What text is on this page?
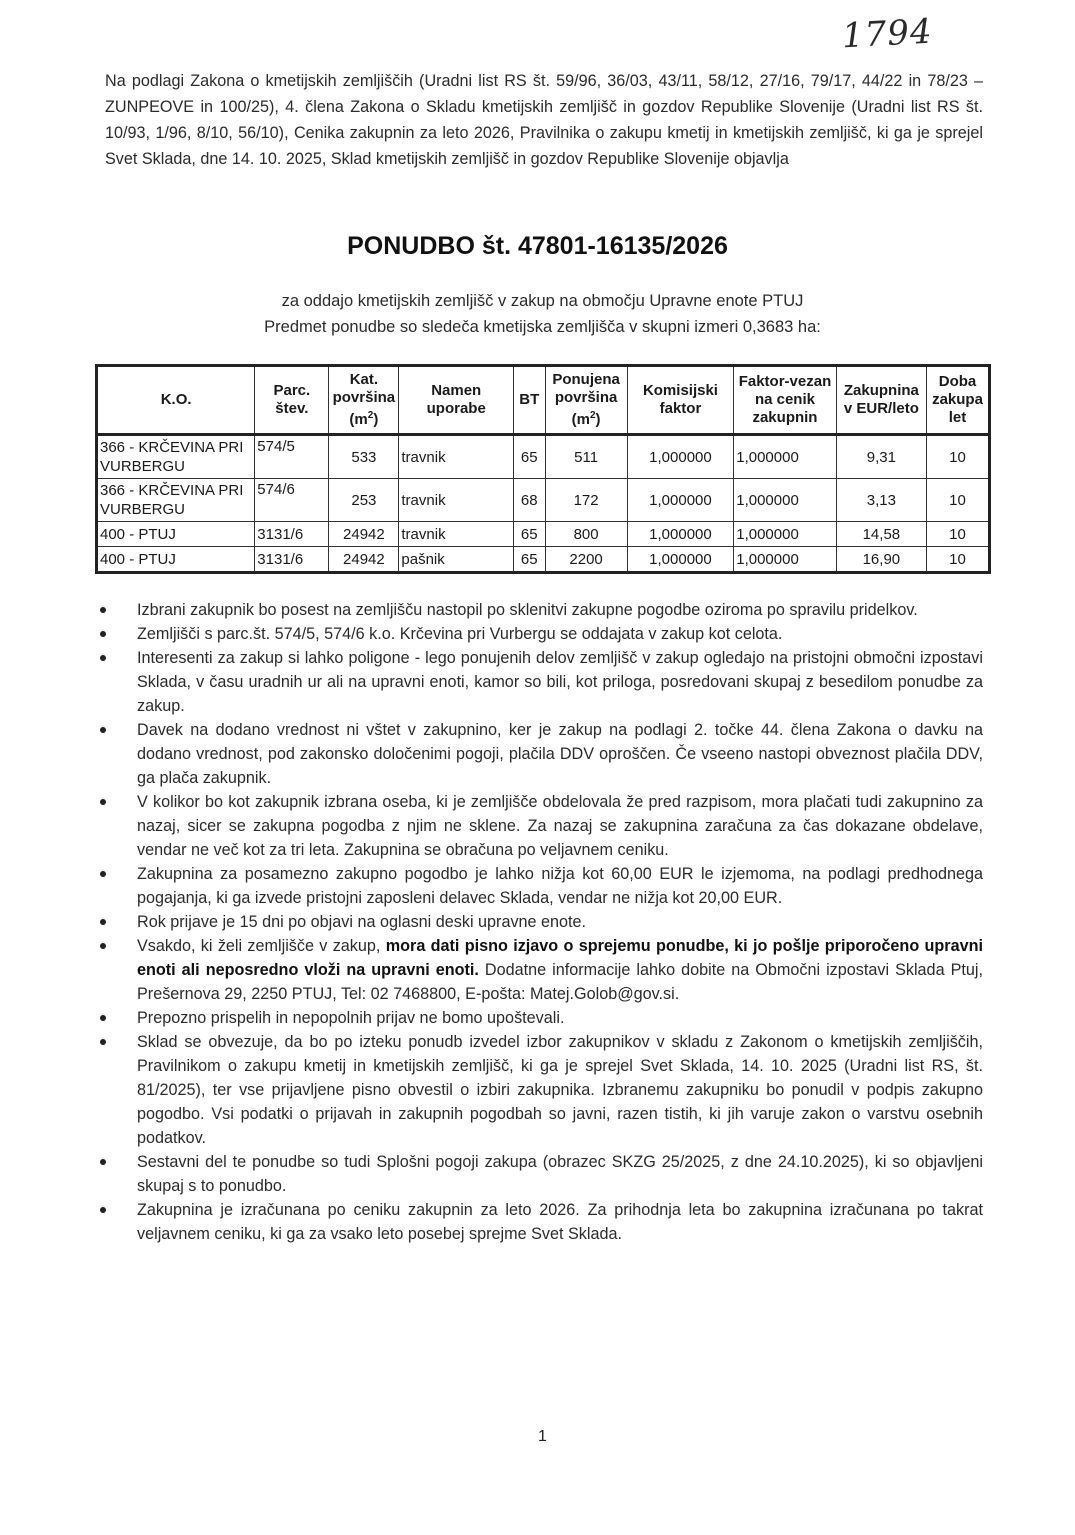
1794
Na podlagi Zakona o kmetijskih zemljiščih (Uradni list RS št. 59/96, 36/03, 43/11, 58/12, 27/16, 79/17, 44/22 in 78/23 – ZUNPEOVE in 100/25), 4. člena Zakona o Skladu kmetijskih zemljišč in gozdov Republike Slovenije (Uradni list RS št. 10/93, 1/96, 8/10, 56/10), Cenika zakupnin za leto 2026, Pravilnika o zakupu kmetij in kmetijskih zemljišč, ki ga je sprejel Svet Sklada, dne 14. 10. 2025, Sklad kmetijskih zemljišč in gozdov Republike Slovenije objavlja
PONUDBO št. 47801-16135/2026
za oddajo kmetijskih zemljišč v zakup na območju Upravne enote PTUJ
Predmet ponudbe so sledeča kmetijska zemljišča v skupni izmeri 0,3683 ha:
K.O.	Parc. štev.	Kat. površina $(m^2)$	Namen uporabe	BT	Ponujena površina $(m^2)$	Komisijski faktor	Faktor-vezan na cenik zakupnin	Zakupnina v EUR/leto	Doba zakupa let
366 - KRČEVINA PRI VURBERGU	574/5	533	travnik	65	511	1,000000	1,000000	9,31	10
366 - KRČEVINA PRI VURBERGU	574/6	253	travnik	68	172	1,000000	1,000000	3,13	10
400 - PTUJ	3131/6	24942	travnik	65	800	1,000000	1,000000	14,58	10
400 - PTUJ	3131/6	24942	pašnik	65	2200	1,000000	1,000000	16,90	10
Izbrani zakupnik bo posest na zemljišču nastopil po sklenitvi zakupne pogodbe oziroma po spravilu pridelkov.
Zemljišči s parc.št. 574/5, 574/6 k.o. Krčevina pri Vurbergu se oddajata v zakup kot celota.
Interesenti za zakup si lahko poligone - lego ponujenih delov zemljišč v zakup ogledajo na pristojni območni izpostavi Sklada, v času uradnih ur ali na upravni enoti, kamor so bili, kot priloga, posredovani skupaj z besedilom ponudbe za zakup.
Davek na dodano vrednost ni vštet v zakupnino, ker je zakup na podlagi 2. točke 44. člena Zakona o davku na dodano vrednost, pod zakonsko določenimi pogoji, plačila DDV oproščen. Če vseeno nastopi obveznost plačila DDV, ga plača zakupnik.
V kolikor bo kot zakupnik izbrana oseba, ki je zemljišče obdelovala že pred razpisom, mora plačati tudi zakupnino za nazaj, sicer se zakupna pogodba z njim ne sklene. Za nazaj se zakupnina zaračuna za čas dokazane obdelave, vendar ne več kot za tri leta. Zakupnina se obračuna po veljavnem ceniku.
Zakupnina za posamezno zakupno pogodbo je lahko nižja kot 60,00 EUR le izjemoma, na podlagi predhodnega pogajanja, ki ga izvede pristojni zaposleni delavec Sklada, vendar ne nižja kot 20,00 EUR.
Rok prijave je 15 dni po objavi na oglasni deski upravne enote.
Vsakdo, ki želi zemljišče v zakup, mora dati pisno izjavo o sprejemu ponudbe, ki jo pošlje priporočeno upravni enoti ali neposredno vloži na upravni enoti. Dodatne informacije lahko dobite na Območni izpostavi Sklada Ptuj, Prešernova 29, 2250 PTUJ, Tel: 02 7468800, E-pošta: Matej.Golob@gov.si.
Prepozno prispelih in nepopolnih prijav ne bomo upoštevali.
Sklad se obvezuje, da bo po izteku ponudb izvedel izbor zakupnikov v skladu z Zakonom o kmetijskih zemljiščih, Pravilnikom o zakupu kmetij in kmetijskih zemljišč, ki ga je sprejel Svet Sklada, 14. 10. 2025 (Uradni list RS, št. 81/2025), ter vse prijavljene pisno obvestil o izbiri zakupnika. Izbranemu zakupniku bo ponudil v podpis zakupno pogodbo. Vsi podatki o prijavah in zakupnih pogodbah so javni, razen tistih, ki jih varuje zakon o varstvu osebnih podatkov.
Sestavni del te ponudbe so tudi Splošni pogoji zakupa (obrazec SKZG 25/2025, z dne 24.10.2025), ki so objavljeni skupaj s to ponudbo.
Zakupnina je izračunana po ceniku zakupnin za leto 2026. Za prihodnja leta bo zakupnina izračunana po takrat veljavnem ceniku, ki ga za vsako leto posebej sprejme Svet Sklada.
1
